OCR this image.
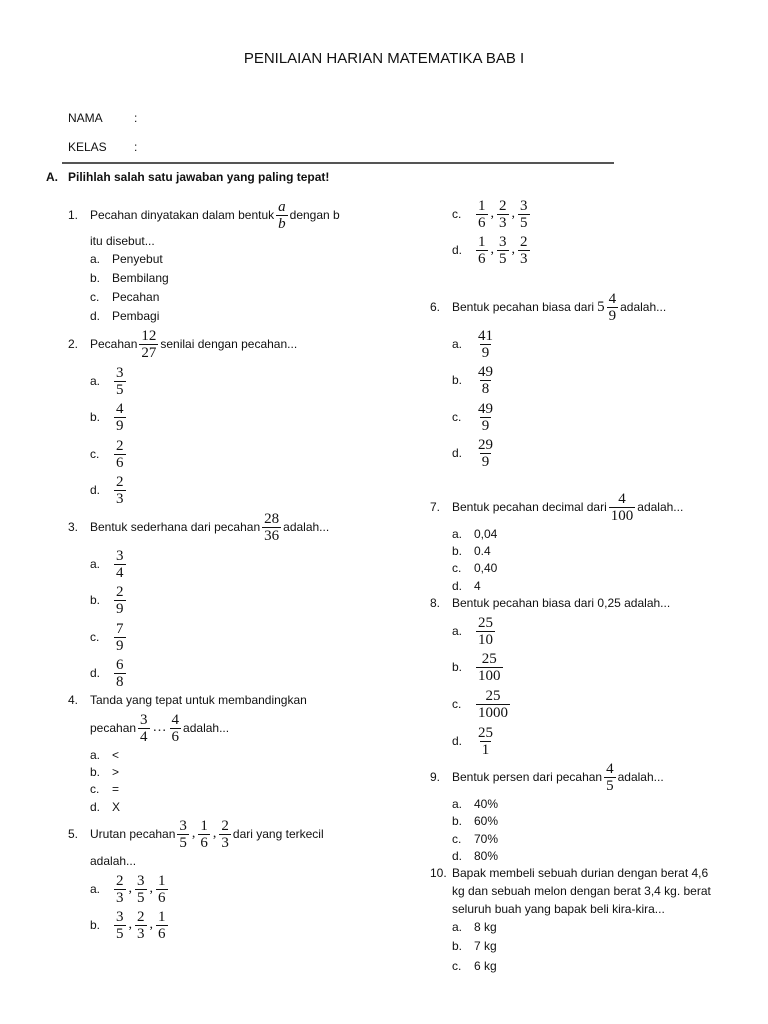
PENILAIAN HARIAN MATEMATIKA BAB I
NAMA	:
KELAS :
A. Pilihlah salah satu jawaban yang paling tepat!
1. Pecahan dinyatakan dalam bentuk $\frac{a}{b}$ dengan b
itu disebut...
a. Penyebut
b. Bembilang
c. Pecahan
d. Pembagi
2. Pecahan $\frac{12}{27}$ senilai dengan pecahan...
a. $\frac{3}{5}$
b. $\frac{4}{9}$
c. $\frac{2}{6}$
d. $\frac{2}{3}$
3. Bentuk sederhana dari pecahan $\frac{28}{36}$ adalah...
a. $\frac{3}{4}$
b. $\frac{2}{9}$
c. $\frac{7}{9}$
d. $\frac{6}{8}$
4. Tanda yang tepat untuk membandingkan
pecahan $\frac{3}{4}$ … $\frac{4}{6}$ adalah...
a. <
b. >
c. =
d. X
5. Urutan pecahan $\frac{3}{5}$ , $\frac{1}{6}$ , $\frac{2}{3}$ dari yang terkecil
adalah...
a. $\frac{2}{3}$ , $\frac{3}{5}$ , $\frac{1}{6}$
b. $\frac{3}{5}$ , $\frac{2}{3}$ , $\frac{1}{6}$
c. $\frac{1}{6}$ , $\frac{2}{3}$ , $\frac{3}{5}$
d. $\frac{1}{6}$ , $\frac{3}{5}$ , $\frac{2}{3}$
6. Bentuk pecahan biasa dari $5 \frac{4}{9}$ adalah...
a. $\frac{41}{9}$
b. $\frac{49}{8}$
c. $\frac{49}{9}$
d. $\frac{29}{9}$
7. Bentuk pecahan decimal dari $\frac{4}{100}$ adalah...
a. 0,04
b. 0.4
c. 0,40
d. 4
8. Bentuk pecahan biasa dari 0,25 adalah...
a. $\frac{25}{10}$
b. $\frac{25}{100}$
c. $\frac{25}{1000}$
d. $\frac{25}{1}$
9. Bentuk persen dari pecahan $\frac{4}{5}$ adalah...
a. 40%
b. 60%
c. 70%
d. 80%
10. Bapak membeli sebuah durian dengan berat 4,6
kg dan sebuah melon dengan berat 3,4 kg. berat
seluruh buah yang bapak beli kira-kira...
a. 8 kg
b. 7 kg
c. 6 kg
